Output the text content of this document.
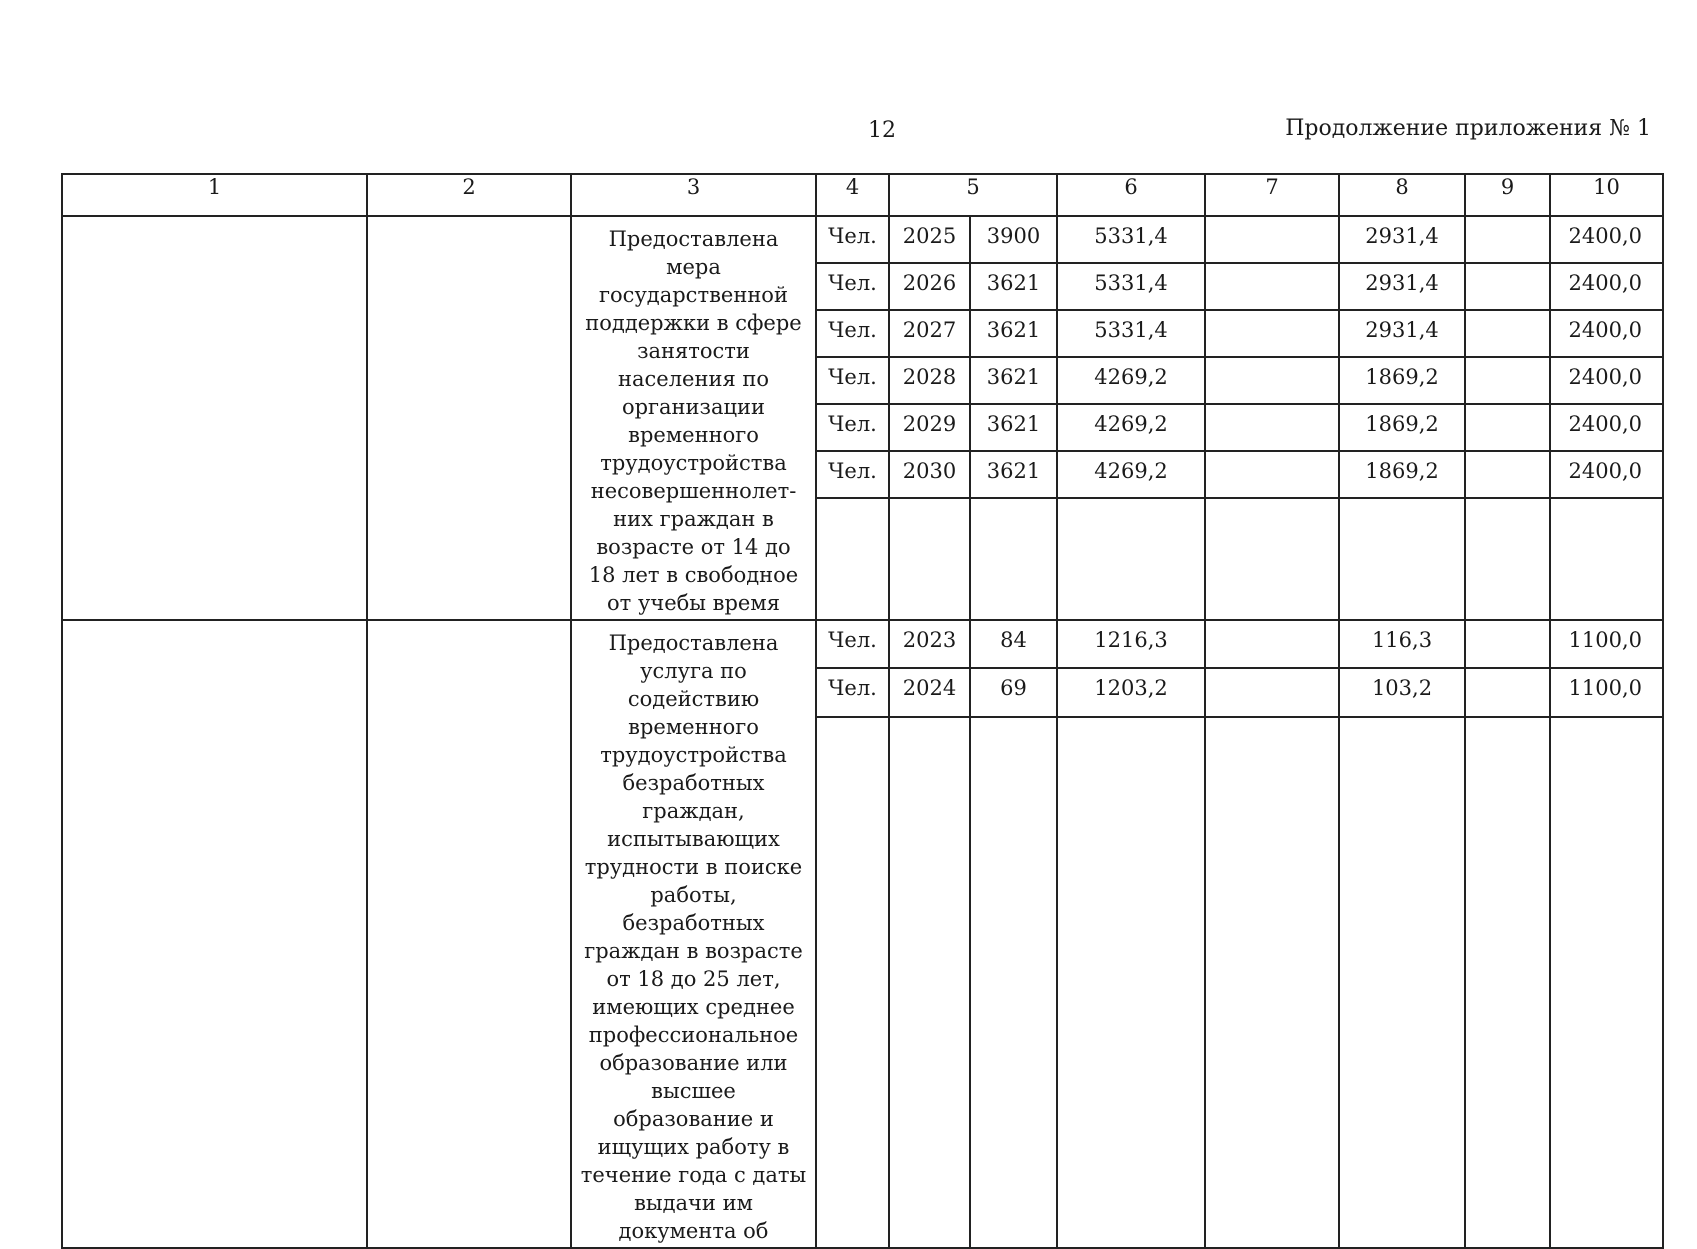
12	Продолжение приложения № 1
1	2	3	4	5		6	7	8	9	10
		Предоставлена мера государственной поддержки в сфере занятости населения по организации временного трудоустройства несовершеннолет-них граждан в возрасте от 14 до 18 лет в свободное от учебы время	Чел.	2025	3900	5331,4		2931,4		2400,0
			Чел.	2026	3621	5331,4		2931,4		2400,0
			Чел.	2027	3621	5331,4		2931,4		2400,0
			Чел.	2028	3621	4269,2		1869,2		2400,0
			Чел.	2029	3621	4269,2		1869,2		2400,0
			Чел.	2030	3621	4269,2		1869,2		2400,0

		Предоставлена услуга по содействию временного трудоустройства безработных граждан, испытывающих трудности в поиске работы, безработных граждан в возрасте от 18 до 25 лет, имеющих среднее профессиональное образование или высшее образование и ищущих работу в течение года с даты выдачи им документа об	Чел.	2023	84	1216,3		116,3		1100,0
			Чел.	2024	69	1203,2		103,2		1100,0
